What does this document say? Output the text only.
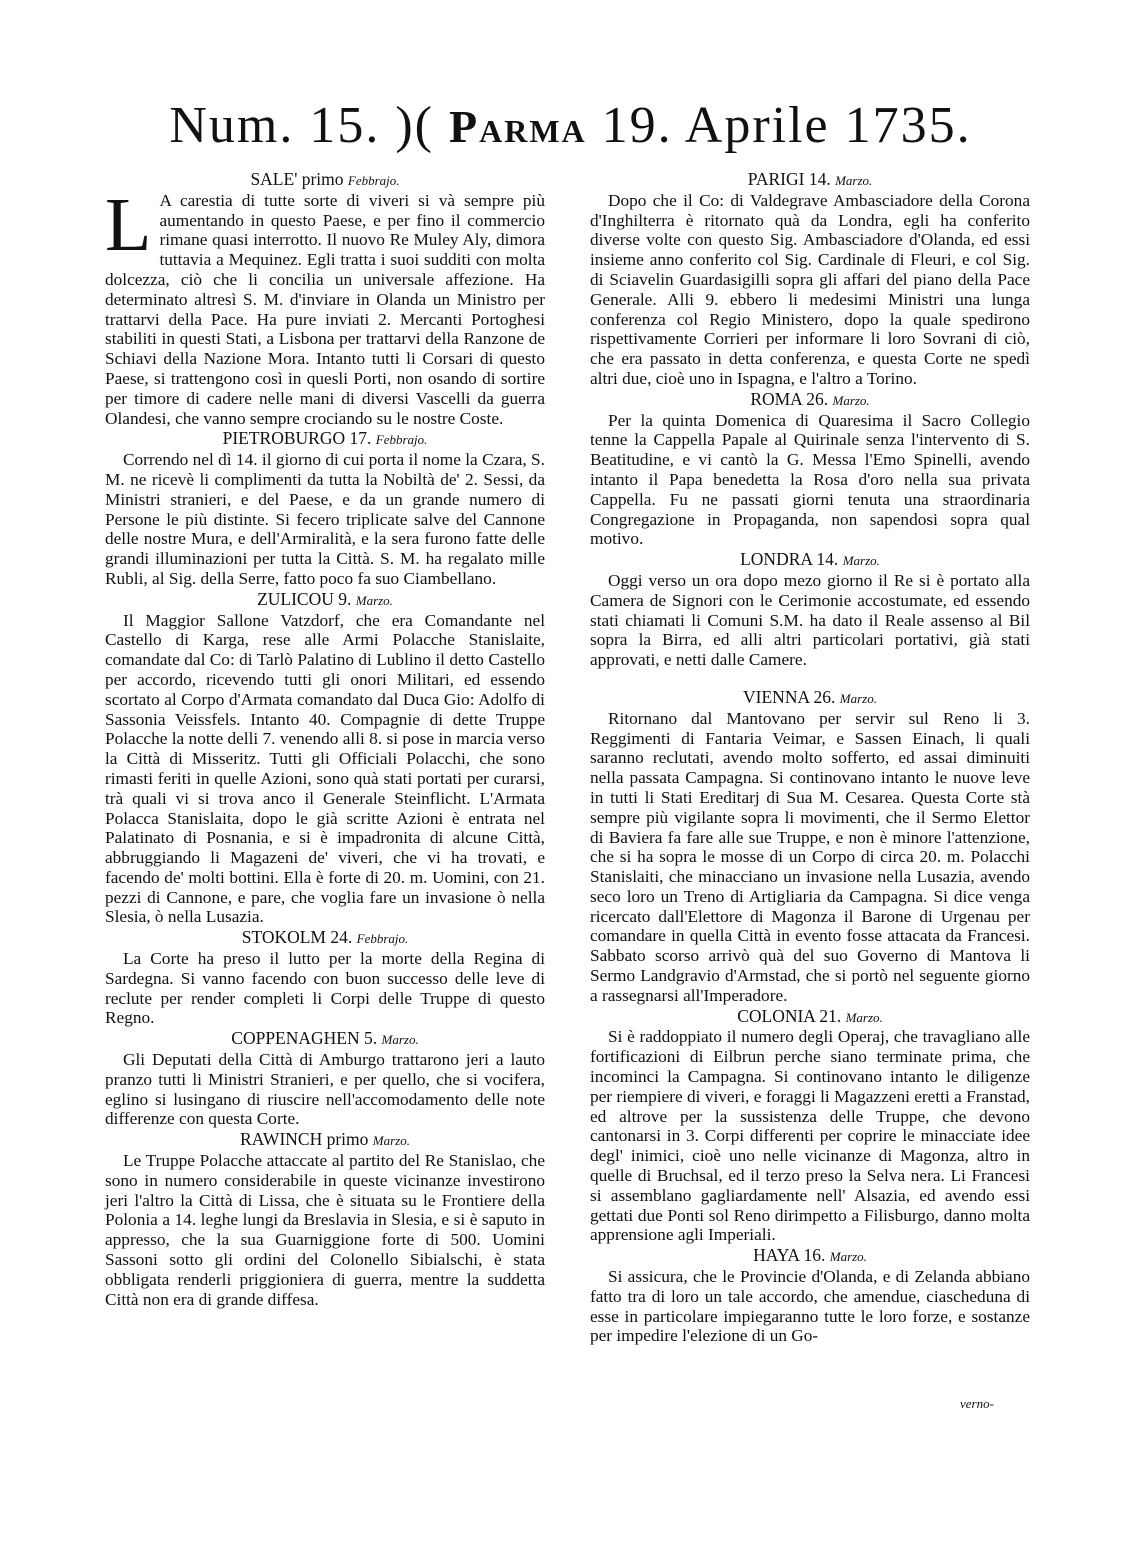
Num. 15. )( Parma 19. Aprile 1735.
SALE' primo Febbrajo.

L A carestia di tutte sorte di viveri si và sempre più aumentando in questo Paese, e per fino il commercio rimane quasi interrotto. Il nuovo Re Muley Aly, dimora tuttavia a Mequinez. Egli tratta i suoi sudditi con molta dolcezza, ciò che li concilia un universale affezione. Ha determinato altresì S. M. d'inviare in Olanda un Ministro per trattarvi della Pace. Ha pure inviati 2. Mercanti Portoghesi stabiliti in questi Stati, a Lisbona per trattarvi della Ranzone de Schiavi della Nazione Mora. Intanto tutti li Corsari di questo Paese, si trattengono così in quesli Porti, non osando di sortire per timore di cadere nelle mani di diversi Vascelli da guerra Olandesi, che vanno sempre crociando su le nostre Coste.

PIETROBURGO 17. Febbrajo.

Correndo nel dì 14. il giorno di cui porta il nome la Czara, S. M. ne ricevè li complimenti da tutta la Nobiltà de' 2. Sessi, da Ministri stranieri, e del Paese, e da un grande numero di Persone le più distinte. Si fecero triplicate salve del Cannone delle nostre Mura, e dell'Armiralità, e la sera furono fatte delle grandi illuminazioni per tutta la Città. S. M. ha regalato mille Rubli, al Sig. della Serre, fatto poco fa suo Ciambellano.

ZULICOU 9. Marzo.

Il Maggior Sallone Vatzdorf, che era Comandante nel Castello di Karga, rese alle Armi Polacche Stanislaite, comandate dal Co: di Tarlò Palatino di Lublino il detto Castello per accordo, ricevendo tutti gli onori Militari, ed essendo scortato al Corpo d'Armata comandato dal Duca Gio: Adolfo di Sassonia Veissfels. Intanto 40. Compagnie di dette Truppe Polacche la notte delli 7. venendo alli 8. si pose in marcia verso la Città di Misseritz. Tutti gli Officiali Polacchi, che sono rimasti feriti in quelle Azioni, sono quà stati portati per curarsi, trà quali vi si trova anco il Generale Steinflicht. L'Armata Polacca Stanislaita, dopo le già scritte Azioni è entrata nel Palatinato di Posnania, e si è impadronita di alcune Città, abbruggiando li Magazeni de' viveri, che vi ha trovati, e facendo de' molti bottini. Ella è forte di 20. m. Uomini, con 21. pezzi di Cannone, e pare, che voglia fare un invasione ò nella Slesia, ò nella Lusazia.

STOKOLM 24. Febbrajo.

La Corte ha preso il lutto per la morte della Regina di Sardegna. Si vanno facendo con buon successo delle leve di reclute per render completi li Corpi delle Truppe di questo Regno.

COPPENAGHEN 5. Marzo.

Gli Deputati della Città di Amburgo trattarono jeri a lauto pranzo tutti li Ministri Stranieri, e per quello, che si vocifera, eglino si lusingano di riuscire nell'accomodamento delle note differenze con questa Corte.

RAWINCH primo Marzo.

Le Truppe Polacche attaccate al partito del Re Stanislao, che sono in numero considerabile in queste vicinanze investirono jeri l'altro la Città di Lissa, che è situata su le Frontiere della Polonia a 14. leghe lungi da Breslavia in Slesia, e si è saputo in appresso, che la sua Guarniggione forte di 500. Uomini Sassoni sotto gli ordini del Colonello Sibialschi, è stata obbligata renderli priggioniera di guerra, mentre la suddetta Città non era di grande diffesa.

PARIGI 14. Marzo.

Dopo che il Co: di Valdegrave Ambasciadore della Corona d'Inghilterra è ritornato quà da Londra, egli ha conferito diverse volte con questo Sig. Ambasciadore d'Olanda, ed essi insieme anno conferito col Sig. Cardinale di Fleuri, e col Sig. di Sciavelin Guardasigilli sopra gli affari del piano della Pace Generale. Alli 9. ebbero li medesimi Ministri una lunga conferenza col Regio Ministero, dopo la quale spedirono rispettivamente Corrieri per informare li loro Sovrani di ciò, che era passato in detta conferenza, e questa Corte ne spedì altri due, cioè uno in Ispagna, e l'altro a Torino.

ROMA 26. Marzo.

Per la quinta Domenica di Quaresima il Sacro Collegio tenne la Cappella Papale al Quirinale senza l'intervento di S. Beatitudine, e vi cantò la G. Messa l'Emo Spinelli, avendo intanto il Papa benedetta la Rosa d'oro nella sua privata Cappella. Fu ne passati giorni tenuta una straordinaria Congregazione in Propaganda, non sapendosi sopra qual motivo.

LONDRA 14. Marzo.

Oggi verso un ora dopo mezo giorno il Re si è portato alla Camera de Signori con le Cerimonie accostumate, ed essendo stati chiamati li Comuni S.M. ha dato il Reale assenso al Bil sopra la Birra, ed alli altri particolari portativi, già stati approvati, e netti dalle Camere.

VIENNA 26. Marzo.

Ritornano dal Mantovano per servir sul Reno li 3. Reggimenti di Fantaria Veimar, e Sassen Einach, li quali saranno reclutati, avendo molto sofferto, ed assai diminuiti nella passata Campagna. Si continovano intanto le nuove leve in tutti li Stati Ereditarj di Sua M. Cesarea. Questa Corte stà sempre più vigilante sopra li movimenti, che il Sermo Elettor di Baviera fa fare alle sue Truppe, e non è minore l'attenzione, che si ha sopra le mosse di un Corpo di circa 20. m. Polacchi Stanislaiti, che minacciano un invasione nella Lusazia, avendo seco loro un Treno di Artigliaria da Campagna. Si dice venga ricercato dall'Elettore di Magonza il Barone di Urgenau per comandare in quella Città in evento fosse attacata da Francesi. Sabbato scorso arrivò quà del suo Governo di Mantova li Sermo Landgravio d'Armstad, che si portò nel seguente giorno a rassegnarsi all'Imperadore.

COLONIA 21. Marzo.

Si è raddoppiato il numero degli Operaj, che travagliano alle fortificazioni di Eilbrun perche siano terminate prima, che incominci la Campagna. Si continovano intanto le diligenze per riempiere di viveri, e foraggi li Magazzeni eretti a Franstad, ed altrove per la sussistenza delle Truppe, che devono cantonarsi in 3. Corpi differenti per coprire le minacciate idee degl' inimici, cioè uno nelle vicinanze di Magonza, altro in quelle di Bruchsal, ed il terzo preso la Selva nera. Li Francesi si assemblano gagliardamente nell' Alsazia, ed avendo essi gettati due Ponti sol Reno dirimpetto a Filisburgo, danno molta apprensione agli Imperiali.

HAYA 16. Marzo.

Si assicura, che le Provincie d'Olanda, e di Zelanda abbiano fatto tra di loro un tale accordo, che amendue, ciascheduna di esse in particolare impiegaranno tutte le loro forze, e sostanze per impedire l'elezione di un Go-

verno-
